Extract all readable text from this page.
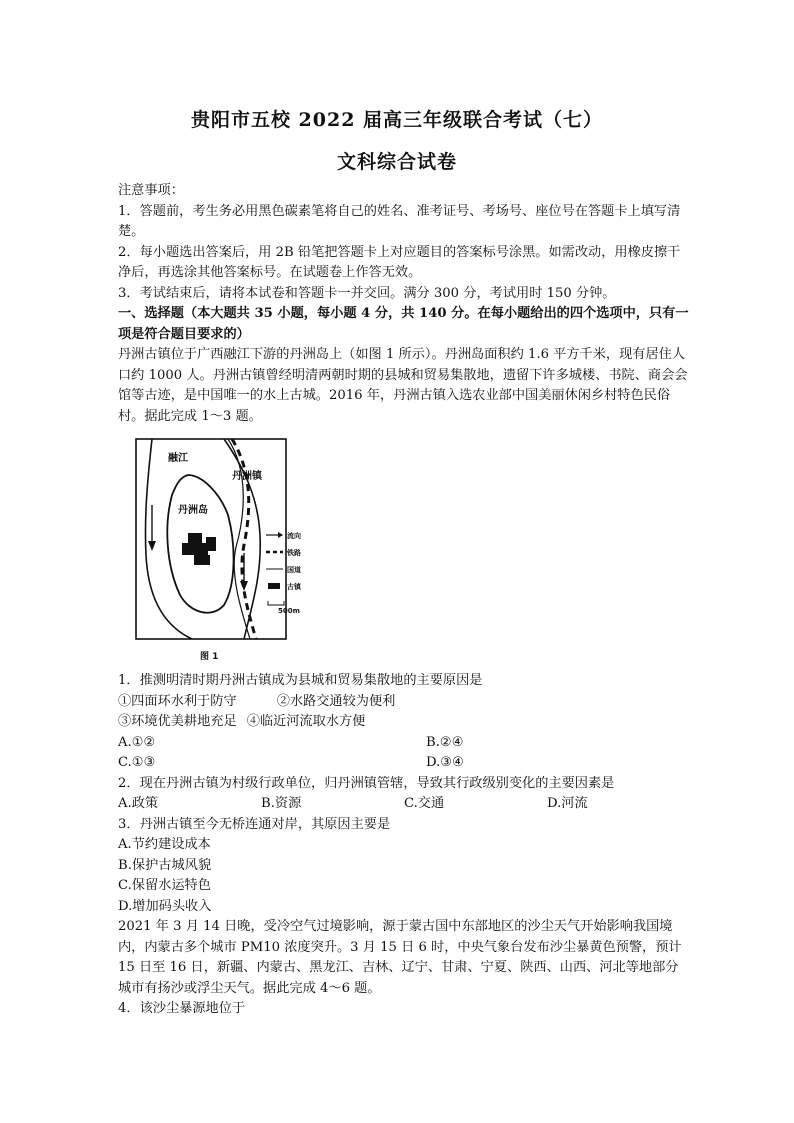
贵阳市五校 2022 届高三年级联合考试（七）
文科综合试卷

注意事项：

1．答题前，考生务必用黑色碳素笔将自己的姓名、准考证号、考场号、座位号在答题卡上填写清楚。

2．每小题选出答案后，用 2B 铅笔把答题卡上对应题目的答案标号涂黑。如需改动，用橡皮擦干净后，再选涂其他答案标号。在试题卷上作答无效。

3．考试结束后，请将本试卷和答题卡一并交回。满分 300 分，考试用时 150 分钟。

一、选择题（本大题共 35 小题，每小题 4 分，共 140 分。在每小题给出的四个选项中，只有一项是符合题目要求的）

丹洲古镇位于广西融江下游的丹洲岛上（如图 1 所示）。丹洲岛面积约 1.6 平方千米，现有居住人口约 1000 人。丹洲古镇曾经明清两朝时期的县城和贸易集散地，遗留下许多城楼、书院、商会会馆等古迹，是中国唯一的水上古城。2016 年，丹洲古镇入选农业部中国美丽休闲乡村特色民俗村。据此完成 1～3 题。

融江
丹洲镇
丹洲岛
流向
铁路
国道
古镇
500m
图 1

1．推测明清时期丹洲古镇成为县城和贸易集散地的主要原因是

①四面环水利于防守	②水路交通较为便利

③环境优美耕地充足 ④临近河流取水方便

A.①②	B.②④
C.①③	D.③④

2．现在丹洲古镇为村级行政单位，归丹洲镇管辖，导致其行政级别变化的主要因素是

A.政策	B.资源	C.交通	D.河流

3．丹洲古镇至今无桥连通对岸，其原因主要是

A.节约建设成本

B.保护古城风貌

C.保留水运特色

D.增加码头收入

2021 年 3 月 14 日晚，受冷空气过境影响，源于蒙古国中东部地区的沙尘天气开始影响我国境内，内蒙古多个城市 PM10 浓度突升。3 月 15 日 6 时，中央气象台发布沙尘暴黄色预警，预计 15 日至 16 日，新疆、内蒙古、黑龙江、吉林、辽宁、甘肃、宁夏、陕西、山西、河北等地部分城市有扬沙或浮尘天气。据此完成 4～6 题。

4．该沙尘暴源地位于
